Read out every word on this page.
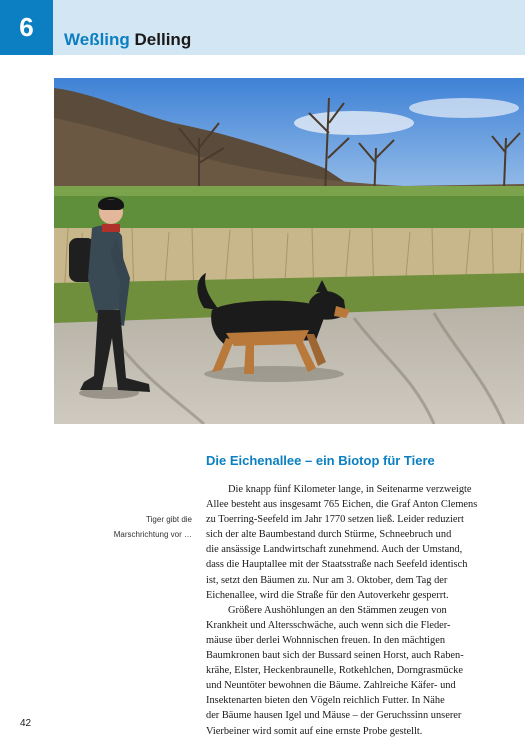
6 Weßling Delling
Tiger gibt die
Marschrichtung vor …
Die Eichenallee – ein Biotop für Tiere
Die knapp fünf Kilometer lange, in Seitenarme verzweigte
Allee besteht aus insgesamt 765 Eichen, die Graf Anton Clemens
zu Toerring-Seefeld im Jahr 1770 setzen ließ. Leider reduziert
sich der alte Baumbestand durch Stürme, Schneebruch und
die ansässige Landwirtschaft zunehmend. Auch der Umstand,
dass die Hauptallee mit der Staatsstraße nach Seefeld identisch
ist, setzt den Bäumen zu. Nur am 3. Oktober, dem Tag der
Eichenallee, wird die Straße für den Autoverkehr gesperrt.
Größere Aushöhlungen an den Stämmen zeugen von
Krankheit und Altersschwäche, auch wenn sich die Fleder-
mäuse über derlei Wohnnischen freuen. In den mächtigen
Baumkronen baut sich der Bussard seinen Horst, auch Raben-
krähe, Elster, Heckenbraunelle, Rotkehlchen, Dorngrasmücke
und Neuntöter bewohnen die Bäume. Zahlreiche Käfer- und
Insektenarten bieten den Vögeln reichlich Futter. In Nähe
der Bäume hausen Igel und Mäuse – der Geruchssinn unserer
Vierbeiner wird somit auf eine ernste Probe gestellt.
42
